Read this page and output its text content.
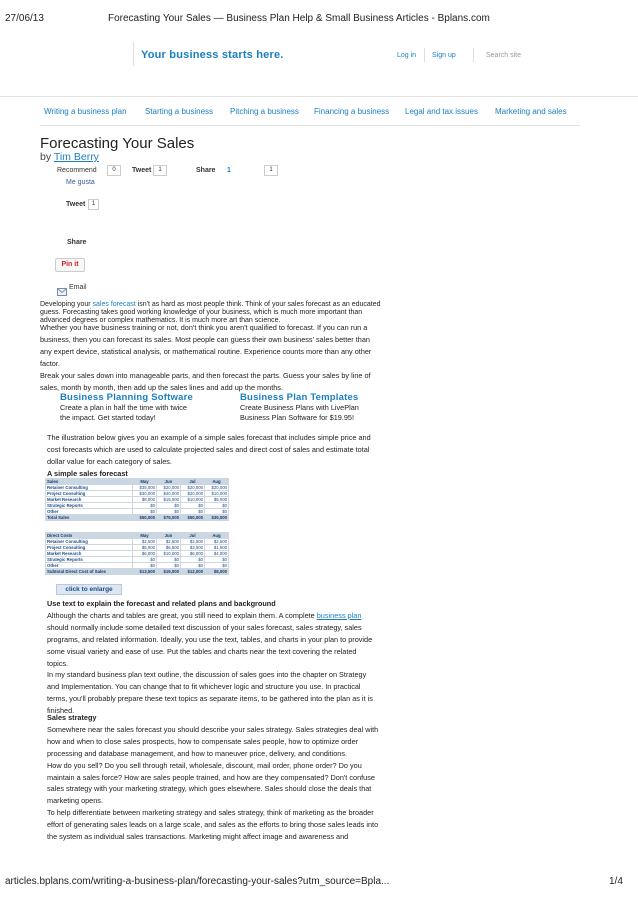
27/06/13	Forecasting Your Sales — Business Plan Help & Small Business Articles - Bplans.com
Your business starts here.	Log in Sign up	Search site
Writing a business plan Starting a business Pitching a business Financing a business Legal and tax issues Marketing and sales
Forecasting Your Sales
by Tim Berry
Recommend	0	Tweet	1	Share 1	1
Me gusta
Tweet	1
Share
Pin it
Email
Developing your sales forecast isn't as hard as most people think. Think of your sales forecast as an educated
guess. Forecasting takes good working knowledge of your business, which is much more important than
advanced degrees or complex mathematics. It is much more art than science.
Whether you have business training or not, don't think you aren't qualified to forecast. If you can run a
business, then you can forecast its sales. Most people can guess their own business' sales better than
any expert device, statistical analysis, or mathematical routine. Experience counts more than any other
factor.
Break your sales down into manageable parts, and then forecast the parts. Guess your sales by line of
sales, month by month, then add up the sales lines and add up the months.
Business Planning Software
Create a plan in half the time with twice
the impact. Get started today!
Business Plan Templates
Create Business Plans with LivePlan
Business Plan Software for $19.95!
The illustration below gives you an example of a simple sales forecast that includes simple price and
cost forecasts which are used to calculate projected sales and direct cost of sales and estimate total
dollar value for each category of sales.
A simple sales forecast
Sales	May	Jun	Jul	Aug
Retainer Consulting	$35,000	$20,000	$20,000	$20,000
Project Consulting	$30,000	$40,000	$20,000	$10,000
Market Research	$8,000	$15,000	$10,000	$5,000
Strategic Reports	$0	$0	$0	$0
Other	$0	$0	$0	$0
Total Sales	$50,000	$75,000	$50,000	$35,000
Direct Costs	May	Jun	Jul	Aug
Retainer Consulting	$2,500	$2,500	$2,500	$2,500
Project Consulting	$5,000	$6,500	$3,500	$1,500
Market Research	$6,000	$10,000	$6,000	$4,000
Strategic Reports	$0	$0	$0	$0
Other	$0	$0	$0	$0
Subtotal Direct Cost of Sales	$13,500	$19,000	$12,000	$8,000
click to enlarge
Use text to explain the forecast and related plans and background
Although the charts and tables are great, you still need to explain them. A complete business plan
should normally include some detailed text discussion of your sales forecast, sales strategy, sales
programs, and related information. Ideally, you use the text, tables, and charts in your plan to provide
some visual variety and ease of use. Put the tables and charts near the text covering the related
topics.
In my standard business plan text outline, the discussion of sales goes into the chapter on Strategy
and Implementation. You can change that to fit whichever logic and structure you use. In practical
terms, you'll probably prepare these text topics as separate items, to be gathered into the plan as it is
finished.
Sales strategy
Somewhere near the sales forecast you should describe your sales strategy. Sales strategies deal with
how and when to close sales prospects, how to compensate sales people, how to optimize order
processing and database management, and how to maneuver price, delivery, and conditions.
How do you sell? Do you sell through retail, wholesale, discount, mail order, phone order? Do you
maintain a sales force? How are sales people trained, and how are they compensated? Don't confuse
sales strategy with your marketing strategy, which goes elsewhere. Sales should close the deals that
marketing opens.
To help differentiate between marketing strategy and sales strategy, think of marketing as the broader
effort of generating sales leads on a large scale, and sales as the efforts to bring those sales leads into
the system as individual sales transactions. Marketing might affect image and awareness and
articles.bplans.com/writing-a-business-plan/forecasting-your-sales?utm_source=Bpla...	1/4
